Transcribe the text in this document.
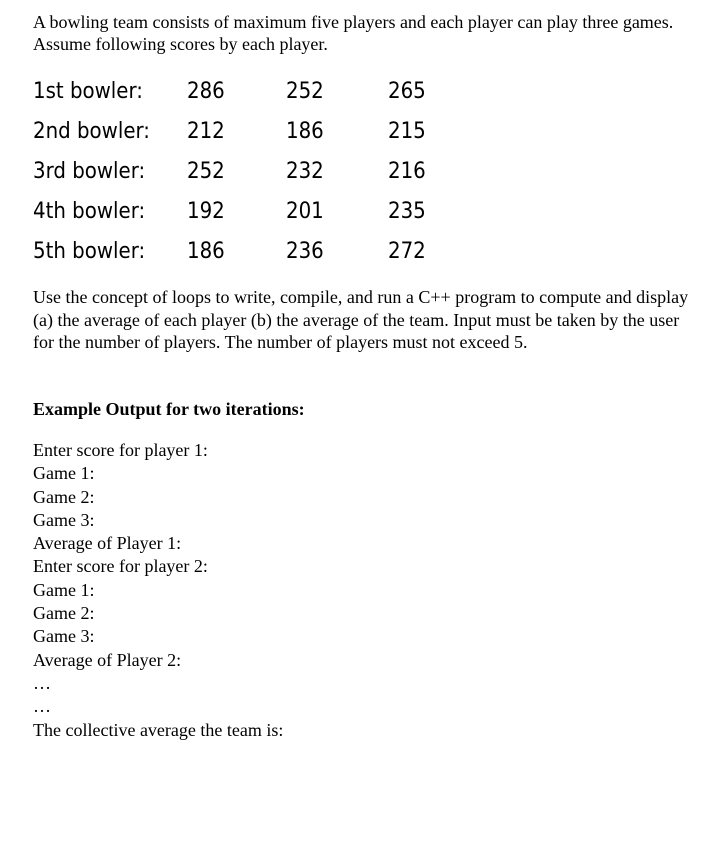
A bowling team consists of maximum five players and each player can play three games. Assume following scores by each player.
1st bowler: 286	252	265
2nd bowler: 212	186	215
3rd bowler: 252	232	216
4th bowler: 192	201	235
5th bowler: 186	236	272
Use the concept of loops to write, compile, and run a C++ program to compute and display (a) the average of each player (b) the average of the team. Input must be taken by the user for the number of players. The number of players must not exceed 5.
Example Output for two iterations:
Enter score for player 1:
Game 1:
Game 2:
Game 3:
Average of Player 1:
Enter score for player 2:
Game 1:
Game 2:
Game 3:
Average of Player 2:
…
…
The collective average the team is:
